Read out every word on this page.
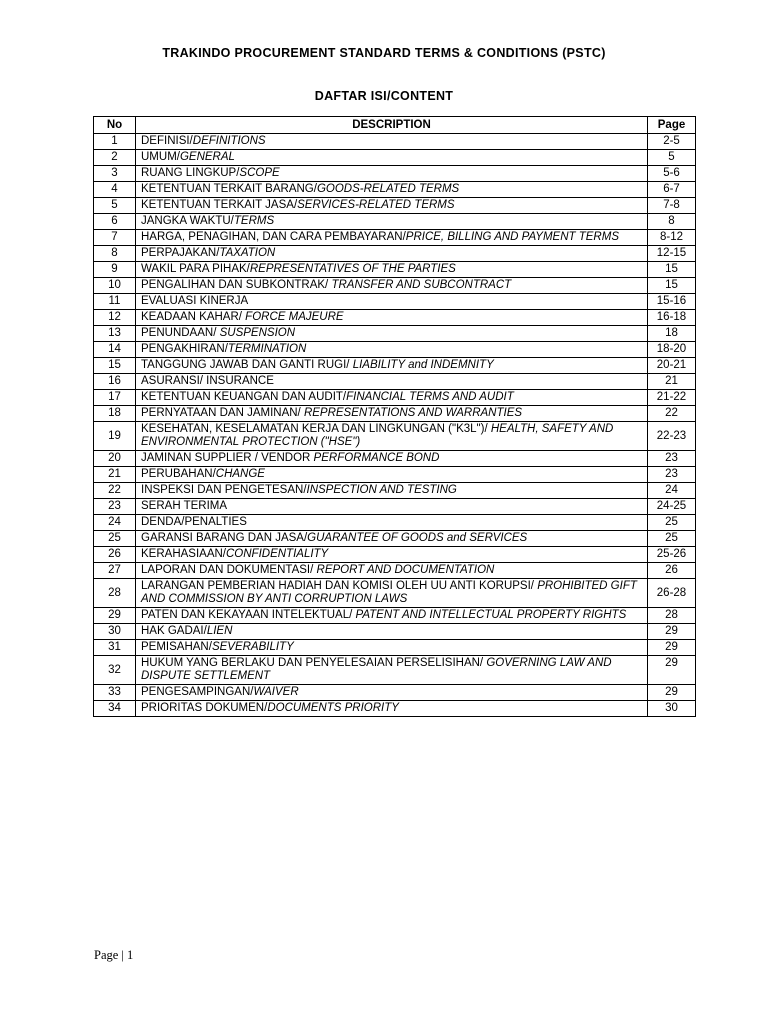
TRAKINDO PROCUREMENT STANDARD TERMS & CONDITIONS (PSTC)
DAFTAR ISI/CONTENT
No	DESCRIPTION	Page
1	DEFINISI/DEFINITIONS	2-5
2	UMUM/GENERAL	5
3	RUANG LINGKUP/SCOPE	5-6
4	KETENTUAN TERKAIT BARANG/GOODS-RELATED TERMS	6-7
5	KETENTUAN TERKAIT JASA/SERVICES-RELATED TERMS	7-8
6	JANGKA WAKTU/TERMS	8
7	HARGA, PENAGIHAN, DAN CARA PEMBAYARAN/PRICE, BILLING AND PAYMENT TERMS	8-12
8	PERPAJAKAN/TAXATION	12-15
9	WAKIL PARA PIHAK/REPRESENTATIVES OF THE PARTIES	15
10	PENGALIHAN DAN SUBKONTRAK/ TRANSFER AND SUBCONTRACT	15
11	EVALUASI KINERJA	15-16
12	KEADAAN KAHAR/ FORCE MAJEURE	16-18
13	PENUNDAAN/ SUSPENSION	18
14	PENGAKHIRAN/TERMINATION	18-20
15	TANGGUNG JAWAB DAN GANTI RUGI/ LIABILITY and INDEMNITY	20-21
16	ASURANSI/ INSURANCE	21
17	KETENTUAN KEUANGAN DAN AUDIT/FINANCIAL TERMS AND AUDIT	21-22
18	PERNYATAAN DAN JAMINAN/ REPRESENTATIONS AND WARRANTIES	22
19	KESEHATAN, KESELAMATAN KERJA DAN LINGKUNGAN ("K3L")/ HEALTH, SAFETY AND ENVIRONMENTAL PROTECTION ("HSE")	22-23
20	JAMINAN SUPPLIER / VENDOR PERFORMANCE BOND	23
21	PERUBAHAN/CHANGE	23
22	INSPEKSI DAN PENGETESAN/INSPECTION AND TESTING	24
23	SERAH TERIMA	24-25
24	DENDA/PENALTIES	25
25	GARANSI BARANG DAN JASA/GUARANTEE OF GOODS and SERVICES	25
26	KERAHASIAAN/CONFIDENTIALITY	25-26
27	LAPORAN DAN DOKUMENTASI/ REPORT AND DOCUMENTATION	26
28	LARANGAN PEMBERIAN HADIAH DAN KOMISI OLEH UU ANTI KORUPSI/ PROHIBITED GIFT AND COMMISSION BY ANTI CORRUPTION LAWS	26-28
29	PATEN DAN KEKAYAAN INTELEKTUAL/ PATENT AND INTELLECTUAL PROPERTY RIGHTS	28
30	HAK GADAI/LIEN	29
31	PEMISAHAN/SEVERABILITY	29
32	HUKUM YANG BERLAKU DAN PENYELESAIAN PERSELISIHAN/ GOVERNING LAW AND DISPUTE SETTLEMENT	29
33	PENGESAMPINGAN/WAIVER	29
34	PRIORITAS DOKUMEN/DOCUMENTS PRIORITY	30
Page | 1
